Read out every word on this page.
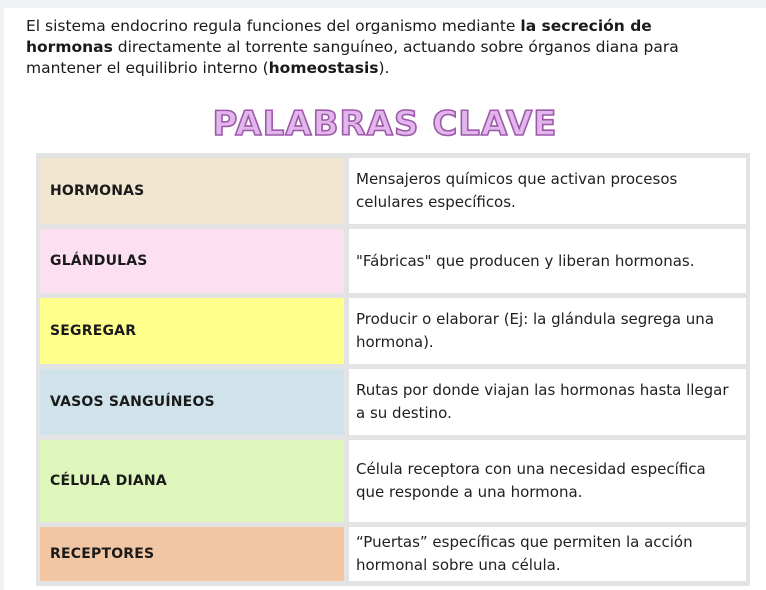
El sistema endocrino regula funciones del organismo mediante la secreción de hormonas directamente al torrente sanguíneo, actuando sobre órganos diana para mantener el equilibrio interno (homeostasis).

PALABRAS CLAVE
HORMONAS
Mensajeros químicos que activan procesos celulares específicos.
GLÁNDULAS	"Fábricas" que producen y liberan hormonas.
SEGREGAR
Producir o elaborar (Ej: la glándula segrega una hormona).
VASOS SANGUÍNEOS
Rutas por donde viajan las hormonas hasta llegar a su destino.
CÉLULA DIANA
Célula receptora con una necesidad específica que responde a una hormona.
RECEPTORES
“Puertas” específicas que permiten la acción hormonal sobre una célula.
